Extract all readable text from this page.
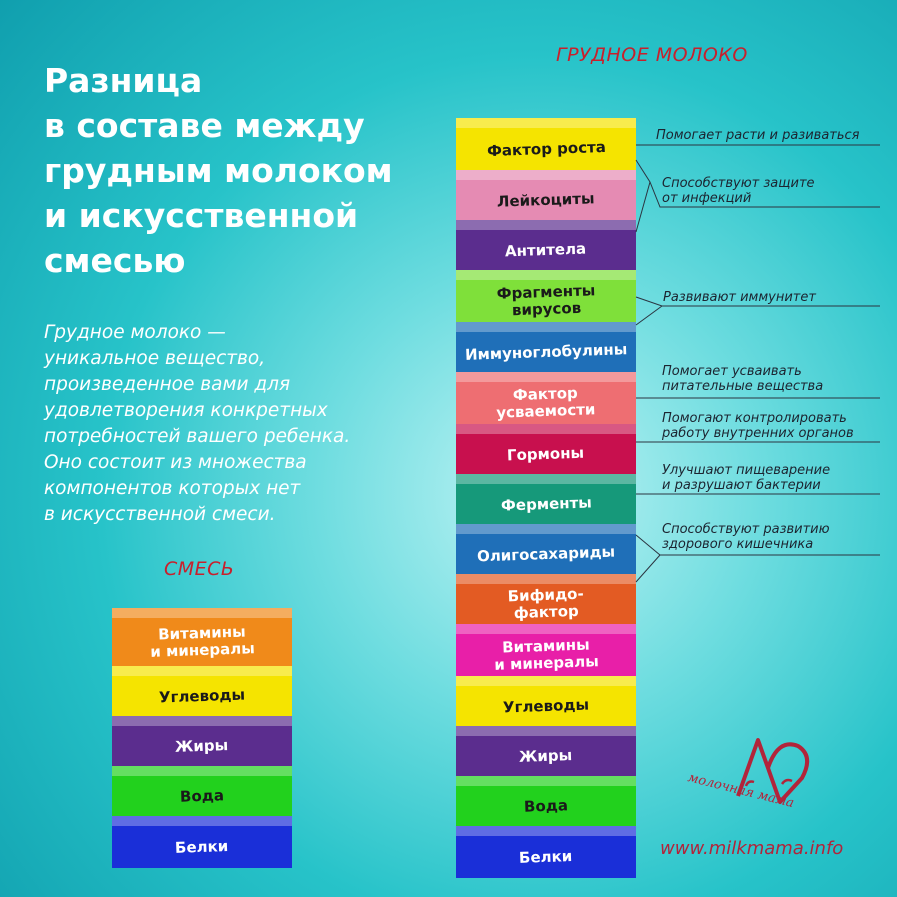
Разница
в составе между
грудным молоком
и искусственной
смесью

Грудное молоко —
уникальное вещество,
произведенное вами для
удовлетворения конкретных
потребностей вашего ребенка.
Оно состоит из множества
компонентов которых нет
в искусственной смеси.

ГРУДНОЕ МОЛОКО
СМЕСЬ
Фактор роста
Лейкоциты
Антитела
Фрагменты
вирусов
Иммуноглобулины
Фактор
усваемости
Гормоны
Ферменты
Олигосахариды
Бифидо-
фактор
Витамины
и минералы
Углеводы
Жиры
Вода
Белки
Витамины
и минералы
Углеводы
Жиры
Вода
Белки
Помогает расти и разиваться
Способствуют защите
от инфекций
Развивают иммунитет
Помогает усваивать
питательные вещества
Помогают контролировать
работу внутренних органов
Улучшают пищеварение
и разрушают бактерии
Способствуют развитию
здорового кишечника
молочная мама
www.milkmama.info
